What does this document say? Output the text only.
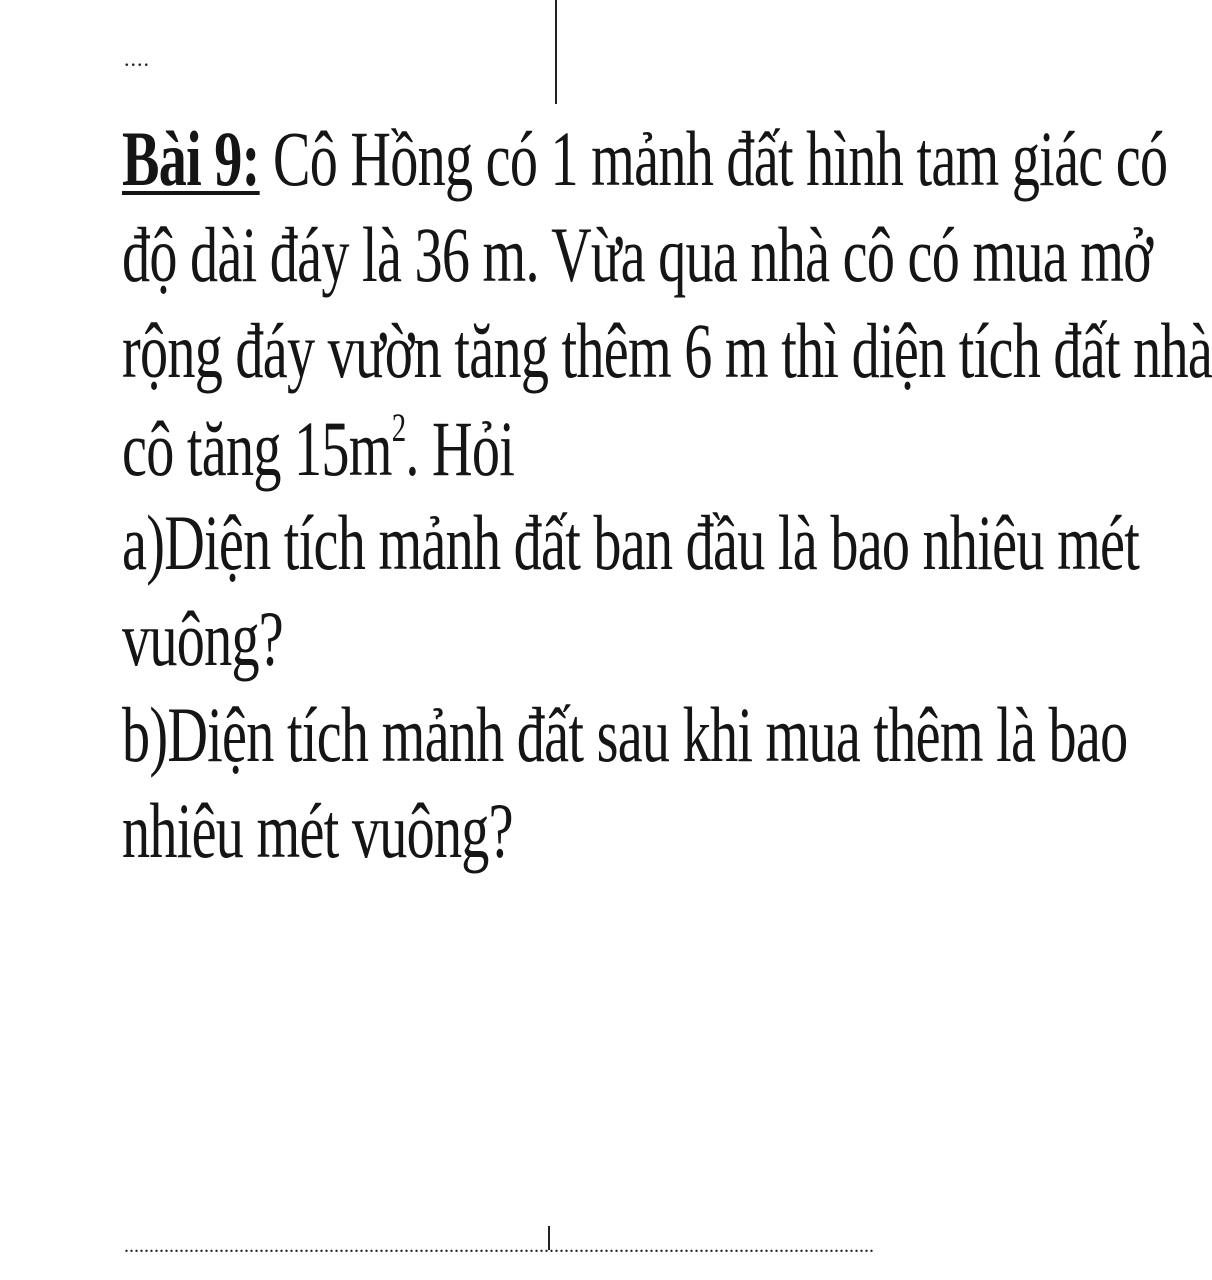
....
Bài 9: Cô Hồng có 1 mảnh đất hình tam giác có
độ dài đáy là 36 m. Vừa qua nhà cô có mua mở
rộng đáy vườn tăng thêm 6 m thì diện tích đất nhà
cô tăng $15m^2$. Hỏi
a)Diện tích mảnh đất ban đầu là bao nhiêu mét
vuông?
b)Diện tích mảnh đất sau khi mua thêm là bao
nhiêu mét vuông?
......................................................................................................................................................
